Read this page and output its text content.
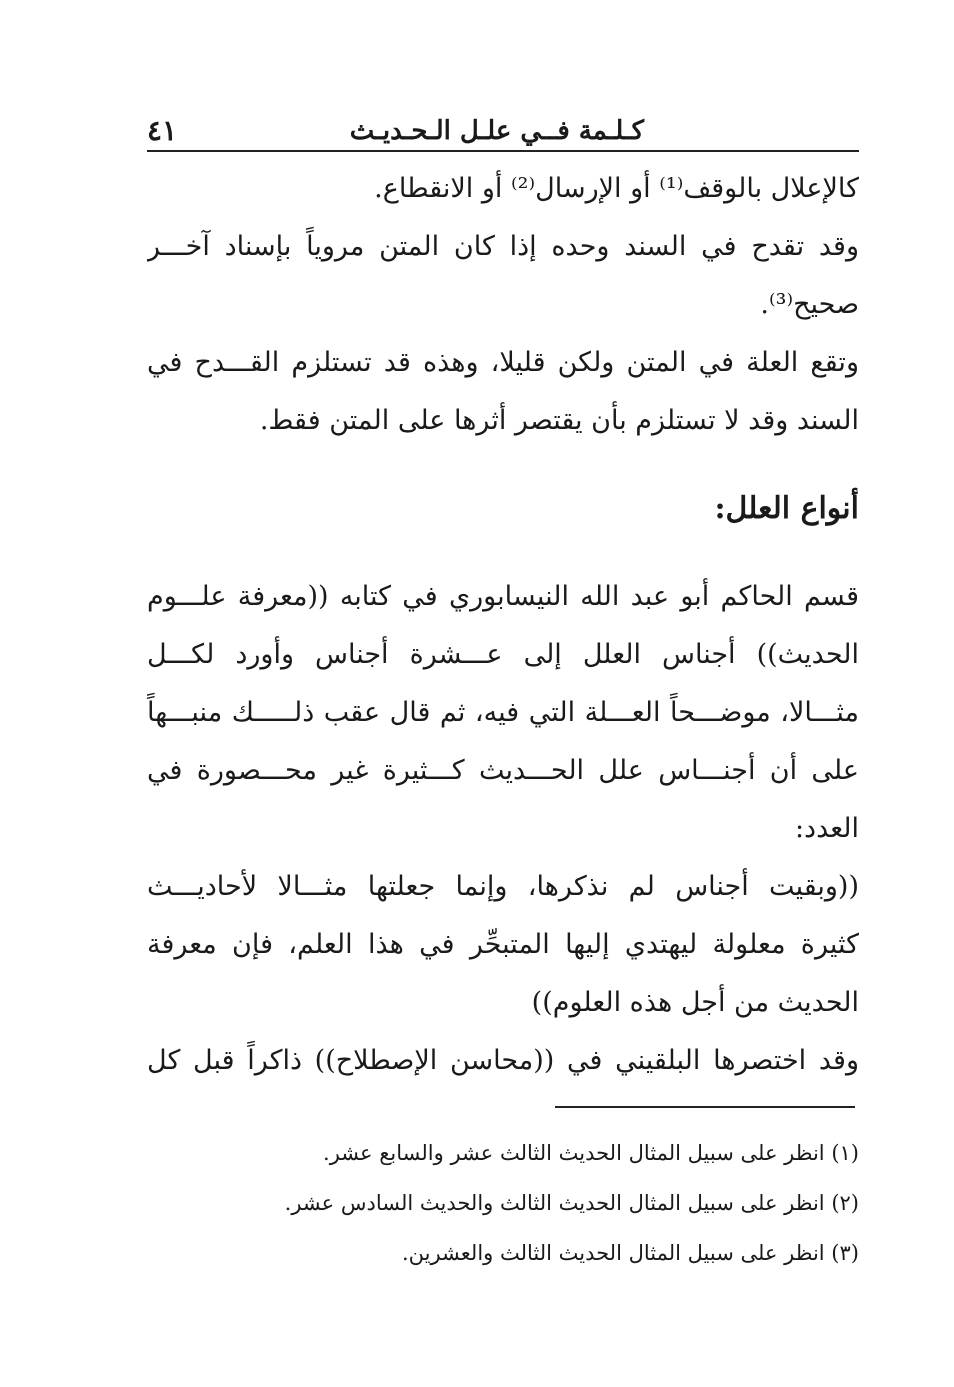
كـلـمة فــي علـل الـحـديـث
٤١
كالإعلال بالوقف⁽¹⁾ أو الإرسال⁽²⁾ أو الانقطاع.
وقد تقدح في السند وحده إذا كان المتن مروياً بإسناد آخـــر
صحيح⁽³⁾.
وتقع العلة في المتن ولكن قليلا، وهذه قد تستلزم القـــدح في
السند وقد لا تستلزم بأن يقتصر أثرها على المتن فقط.
أنواع العلل:
قسم الحاكم أبو عبد الله النيسابوري في كتابه ((معرفة علـــوم
الحديث)) أجناس العلل إلى عـــشرة أجناس وأورد لكـــل
مثـــالا، موضـــحاً العـــلة التي فيه، ثم قال عقب ذلـــــك منبـــهاً
على أن أجنـــاس علل الحـــديث كـــثيرة غير محـــصورة في
العدد:
((وبقيت أجناس لم نذكرها، وإنما جعلتها مثـــالا لأحاديـــث
كثيرة معلولة ليهتدي إليها المتبحِّر في هذا العلم، فإن معرفة
الحديث من أجل هذه العلوم))
وقد اختصرها البلقيني في ((محاسن الإصطلاح)) ذاكراً قبل كل
(١) انظر على سبيل المثال الحديث الثالث عشر والسابع عشر.
(٢) انظر على سبيل المثال الحديث الثالث والحديث السادس عشر.
(٣) انظر على سبيل المثال الحديث الثالث والعشرين.
